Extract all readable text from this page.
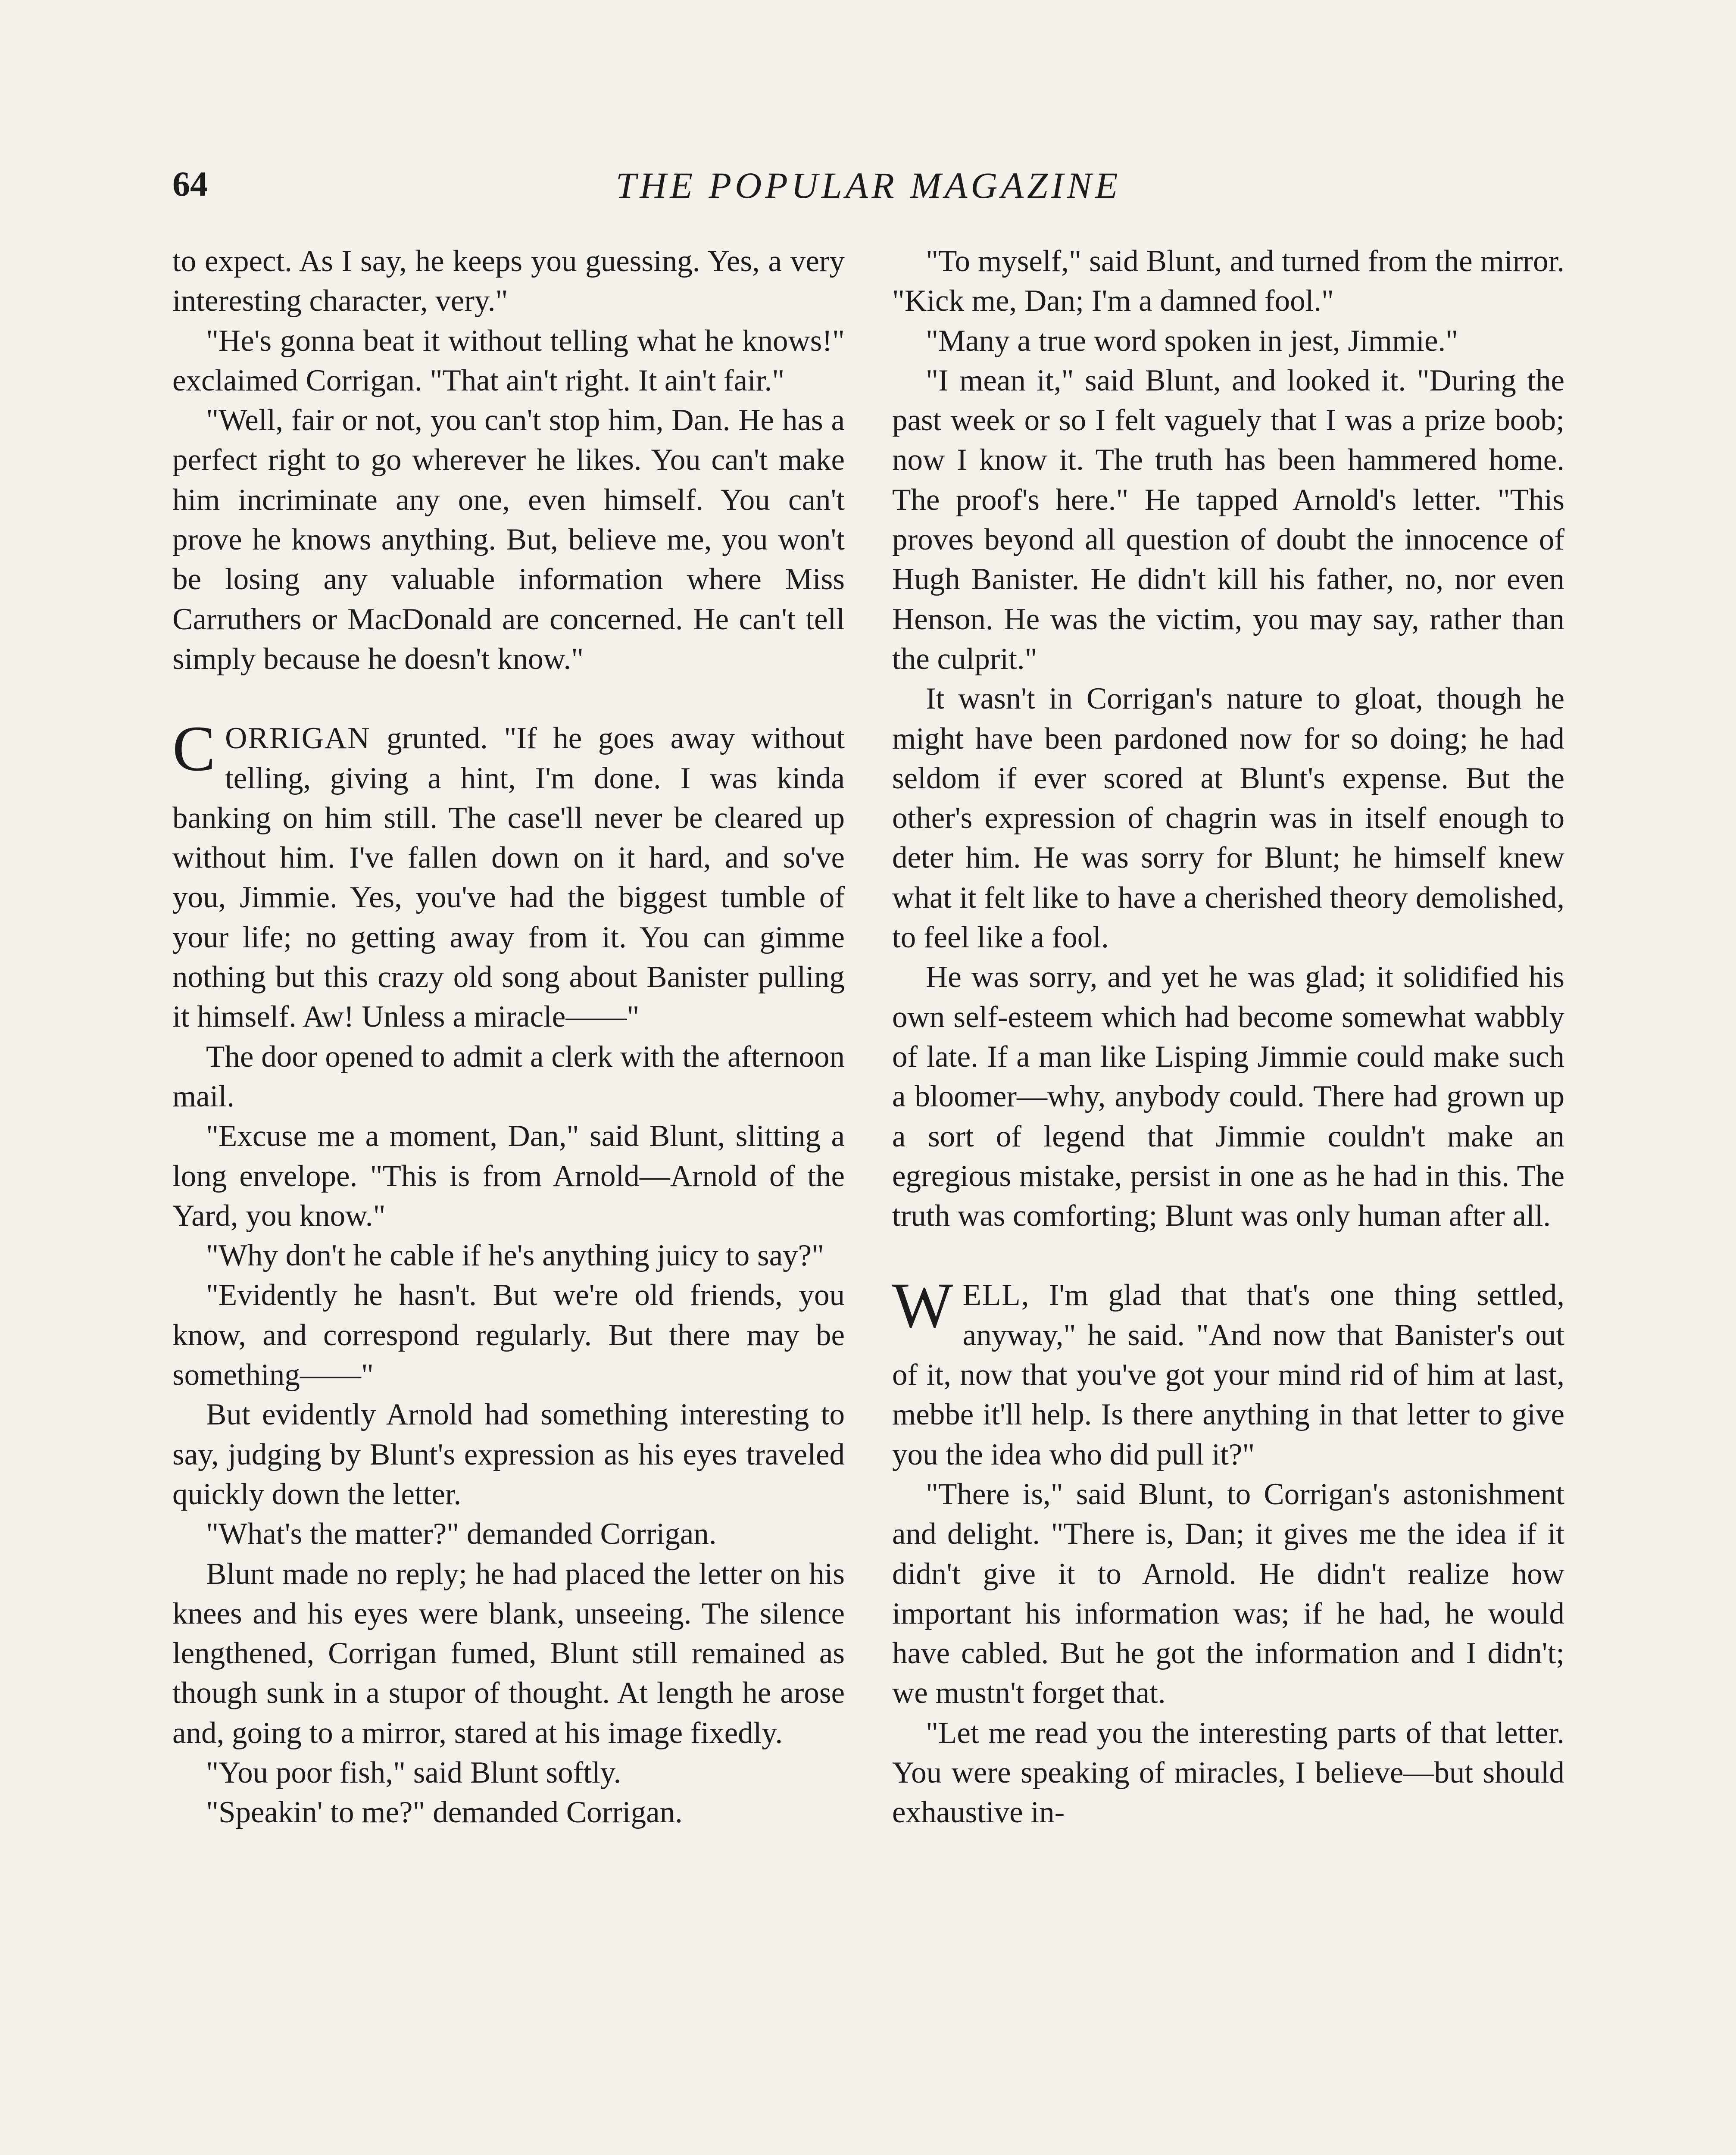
64	THE POPULAR MAGAZINE

to expect. As I say, he keeps you guessing. Yes, a very interesting character, very."

"He's gonna beat it without telling what he knows!" exclaimed Corrigan. "That ain't right. It ain't fair."

"Well, fair or not, you can't stop him, Dan. He has a perfect right to go wherever he likes. You can't make him incriminate any one, even himself. You can't prove he knows anything. But, believe me, you won't be losing any valuable information where Miss Carruthers or MacDonald are concerned. He can't tell simply because he doesn't know."

CORRIGAN grunted. "If he goes away without telling, giving a hint, I'm done. I was kinda banking on him still. The case'll never be cleared up without him. I've fallen down on it hard, and so've you, Jimmie. Yes, you've had the biggest tumble of your life; no getting away from it. You can gimme nothing but this crazy old song about Banister pulling it himself. Aw! Unless a miracle——"

The door opened to admit a clerk with the afternoon mail.

"Excuse me a moment, Dan," said Blunt, slitting a long envelope. "This is from Arnold—Arnold of the Yard, you know."

"Why don't he cable if he's anything juicy to say?"

"Evidently he hasn't. But we're old friends, you know, and correspond regularly. But there may be something——"

But evidently Arnold had something interesting to say, judging by Blunt's expression as his eyes traveled quickly down the letter.

"What's the matter?" demanded Corrigan.

Blunt made no reply; he had placed the letter on his knees and his eyes were blank, unseeing. The silence lengthened, Corrigan fumed, Blunt still remained as though sunk in a stupor of thought. At length he arose and, going to a mirror, stared at his image fixedly.

"You poor fish," said Blunt softly.

"Speakin' to me?" demanded Corrigan.

"To myself," said Blunt, and turned from the mirror. "Kick me, Dan; I'm a damned fool."

"Many a true word spoken in jest, Jimmie."

"I mean it," said Blunt, and looked it. "During the past week or so I felt vaguely that I was a prize boob; now I know it. The truth has been hammered home. The proof's here." He tapped Arnold's letter. "This proves beyond all question of doubt the innocence of Hugh Banister. He didn't kill his father, no, nor even Henson. He was the victim, you may say, rather than the culprit."

It wasn't in Corrigan's nature to gloat, though he might have been pardoned now for so doing; he had seldom if ever scored at Blunt's expense. But the other's expression of chagrin was in itself enough to deter him. He was sorry for Blunt; he himself knew what it felt like to have a cherished theory demolished, to feel like a fool.

He was sorry, and yet he was glad; it solidified his own self-esteem which had become somewhat wabbly of late. If a man like Lisping Jimmie could make such a bloomer—why, anybody could. There had grown up a sort of legend that Jimmie couldn't make an egregious mistake, persist in one as he had in this. The truth was comforting; Blunt was only human after all.

WELL, I'm glad that that's one thing settled, anyway," he said. "And now that Banister's out of it, now that you've got your mind rid of him at last, mebbe it'll help. Is there anything in that letter to give you the idea who did pull it?"

"There is," said Blunt, to Corrigan's astonishment and delight. "There is, Dan; it gives me the idea if it didn't give it to Arnold. He didn't realize how important his information was; if he had, he would have cabled. But he got the information and I didn't; we mustn't forget that.

"Let me read you the interesting parts of that letter. You were speaking of miracles, I believe—but should exhaustive in-
